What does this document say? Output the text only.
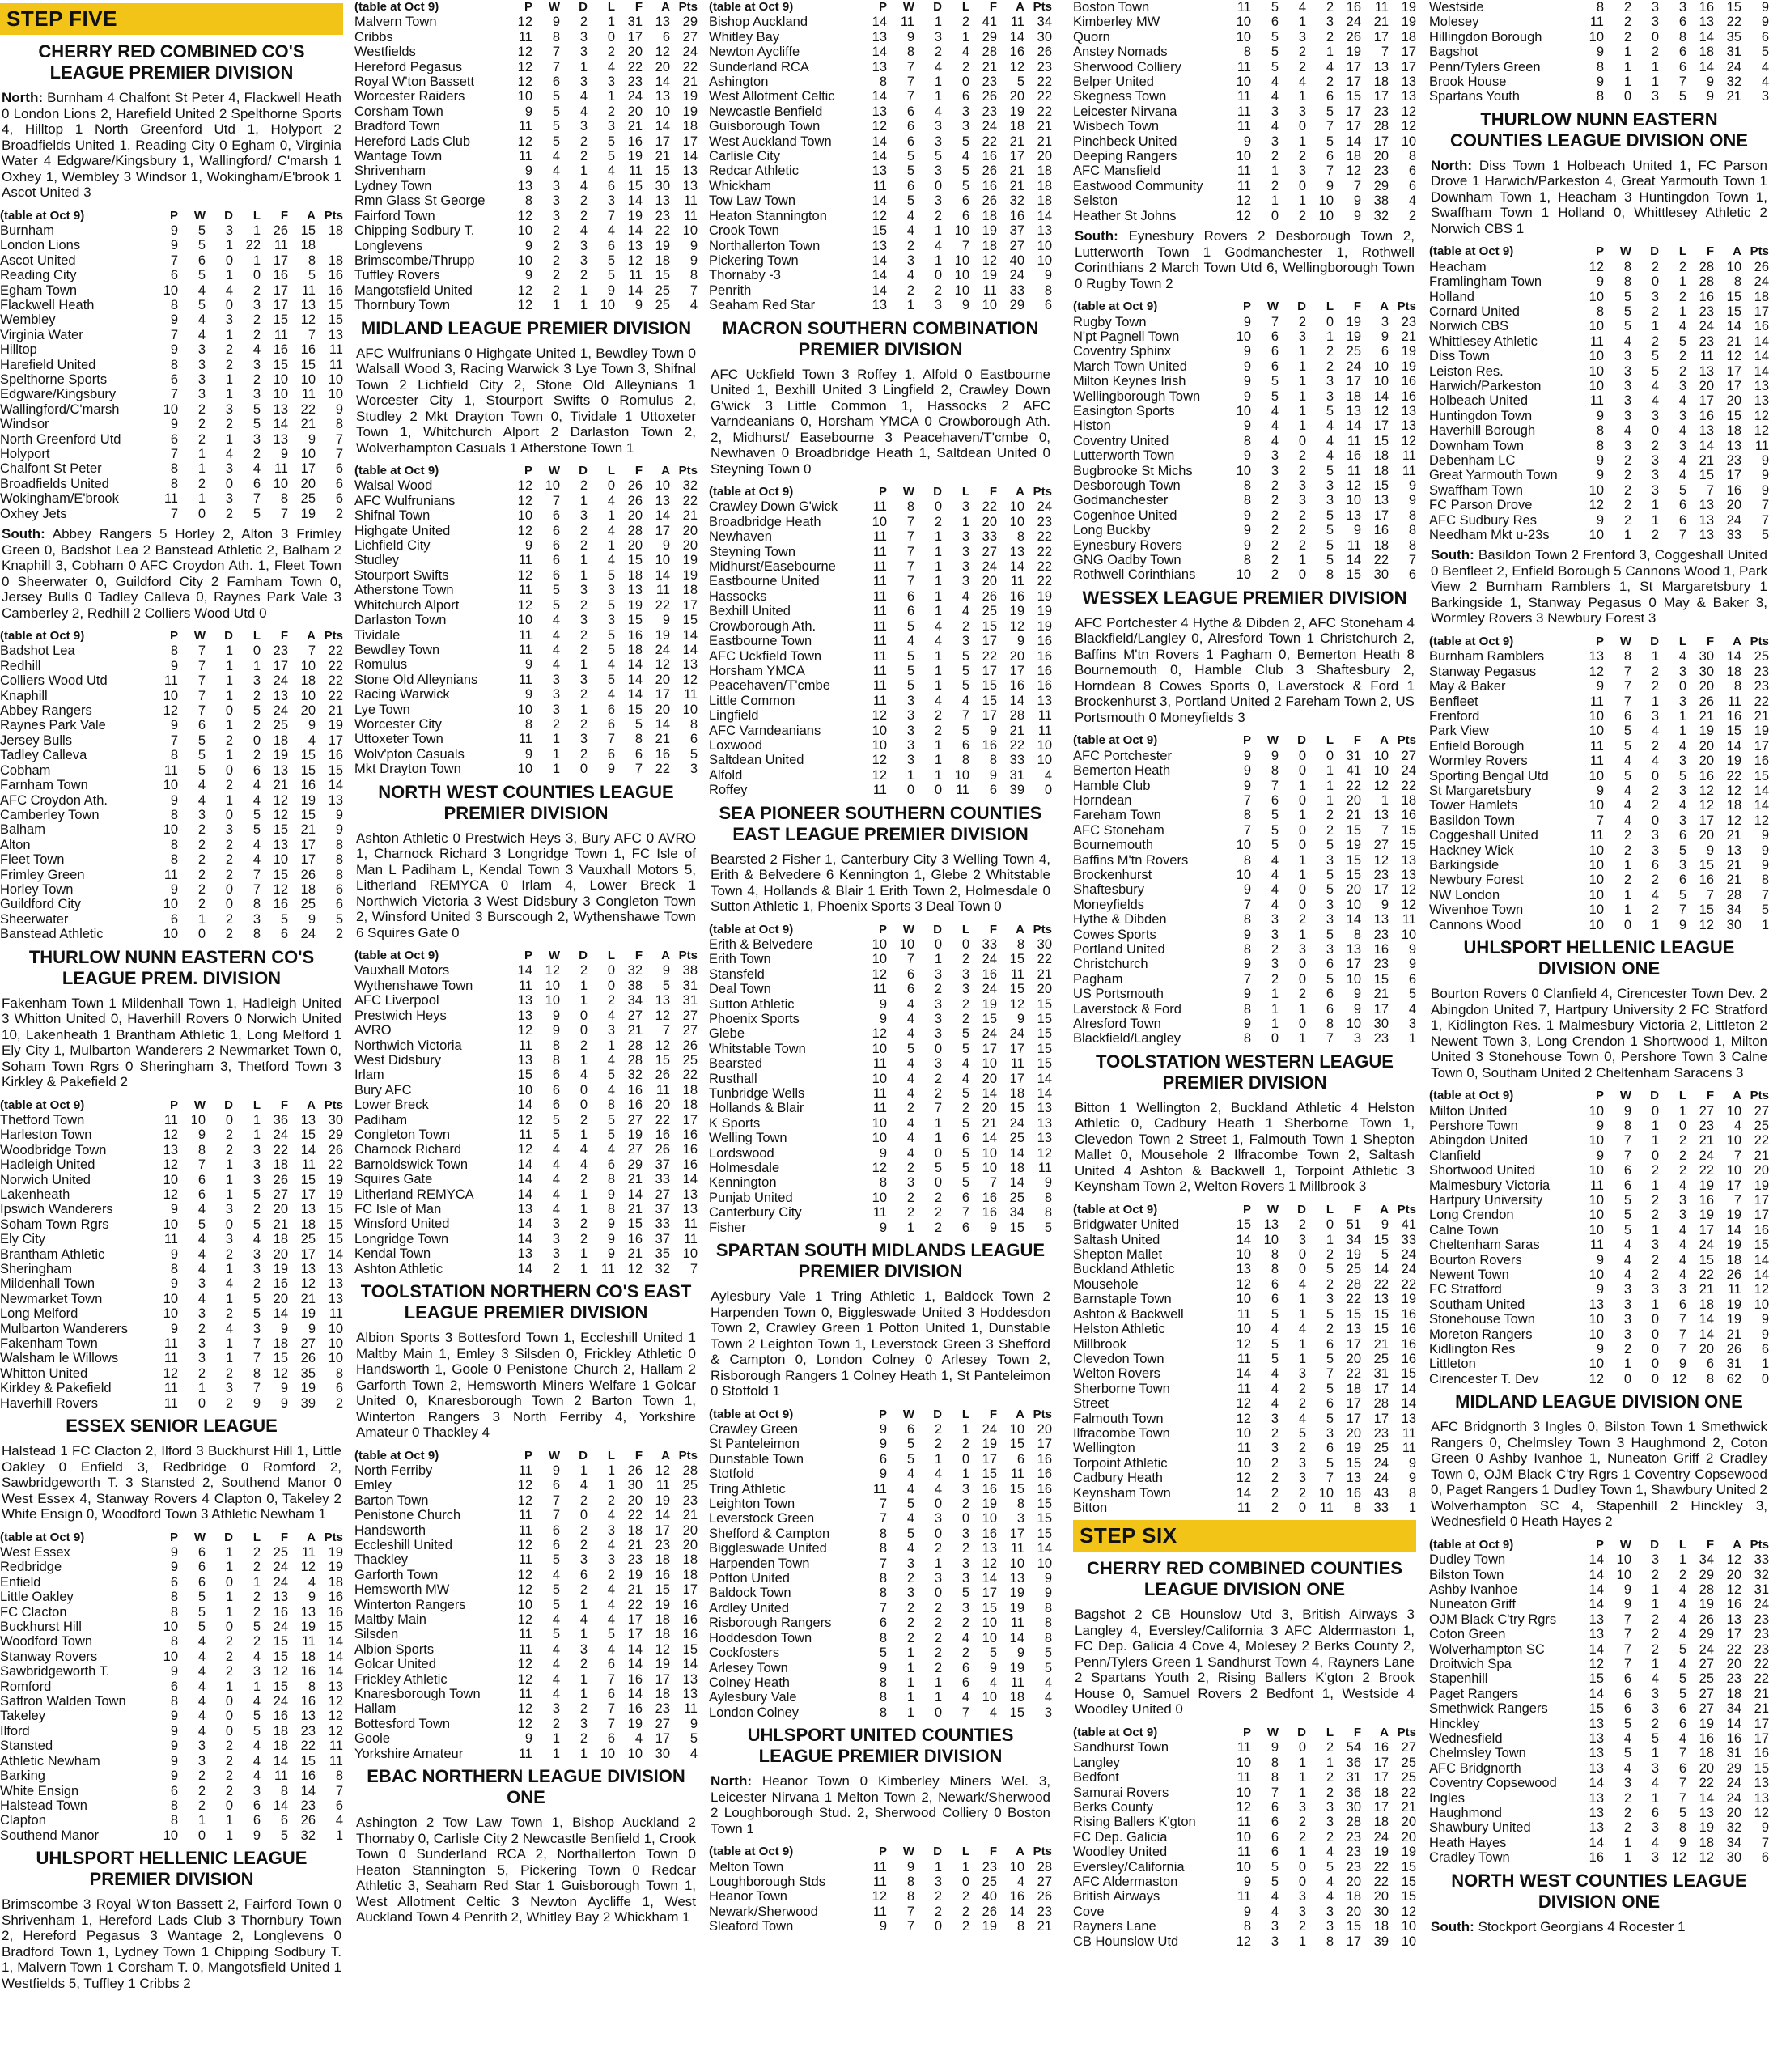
STEP FIVE
CHERRY RED COMBINED CO'S LEAGUE PREMIER DIVISION
North: Burnham 4 Chalfont St Peter 4, Flackwell Heath 0 London Lions 2, Harefield United 2 Spelthorne Sports 4, Hilltop 1 North Greenford Utd 1, Holyport 2 Broadfields United 1, Reading City 0 Egham 0, Virginia Water 4 Edgware/Kingsbury 1, Wallingford/ C'marsh 1 Oxhey 1, Wembley 3 Windsor 1, Wokingham/E'brook 1 Ascot United 3
(table at Oct 9)	P	W	D	L	F	A	Pts
Burnham	9	5	3	1	26	15	18
London Lions	9	5	1	22	11	18	
Ascot United	7	6	0	1	17	8	18
Reading City	6	5	1	0	16	5	16
Egham Town	10	4	4	2	17	11	16
Flackwell Heath	8	5	0	3	17	13	15
Wembley	9	4	3	2	15	12	15
Virginia Water	7	4	1	2	11	7	13
Hilltop	9	3	2	4	16	16	11
Harefield United	8	3	2	3	15	15	11
Spelthorne Sports	6	3	1	2	10	10	10
Edgware/Kingsbury	7	3	1	3	10	11	10
Wallingford/C'marsh	10	2	3	5	13	22	9
Windsor	9	2	2	5	14	21	8
North Greenford Utd	6	2	1	3	13	9	7
Holyport	7	1	4	2	9	10	7
Chalfont St Peter	8	1	3	4	11	17	6
Broadfields United	8	2	0	6	10	20	6
Wokingham/E'brook	11	1	3	7	8	25	6
Oxhey Jets	7	0	2	5	7	19	2
South: Abbey Rangers 5 Horley 2, Alton 3 Frimley Green 0, Badshot Lea 2 Banstead Athletic 2, Balham 2 Knaphill 3, Cobham 0 AFC Croydon Ath. 1, Fleet Town 0 Sheerwater 0, Guildford City 2 Farnham Town 0, Jersey Bulls 0 Tadley Calleva 0, Raynes Park Vale 3 Camberley 2, Redhill 2 Colliers Wood Utd 0
(table at Oct 9)	P	W	D	L	F	A	Pts
Badshot Lea	8	7	1	0	23	7	22
Redhill	9	7	1	1	17	10	22
Colliers Wood Utd	11	7	1	3	24	18	22
Knaphill	10	7	1	2	13	10	22
Abbey Rangers	12	7	0	5	24	20	21
Raynes Park Vale	9	6	1	2	25	9	19
Jersey Bulls	7	5	2	0	18	4	17
Tadley Calleva	8	5	1	2	19	15	16
Cobham	11	5	0	6	13	15	15
Farnham Town	10	4	2	4	21	16	14
AFC Croydon Ath.	9	4	1	4	12	19	13
Camberley Town	8	3	0	5	12	15	9
Balham	10	2	3	5	15	21	9
Alton	8	2	2	4	13	17	8
Fleet Town	8	2	2	4	10	17	8
Frimley Green	11	2	2	7	15	26	8
Horley Town	9	2	0	7	12	18	6
Guildford City	10	2	0	8	16	25	6
Sheerwater	6	1	2	3	5	9	5
Banstead Athletic	10	0	2	8	6	24	2
THURLOW NUNN EASTERN CO'S LEAGUE PREM. DIVISION
Fakenham Town 1 Mildenhall Town 1, Hadleigh United 3 Whitton United 0, Haverhill Rovers 0 Norwich United 10, Lakenheath 1 Brantham Athletic 1, Long Melford 1 Ely City 1, Mulbarton Wanderers 2 Newmarket Town 0, Soham Town Rgrs 0 Sheringham 3, Thetford Town 3 Kirkley & Pakefield 2
(table at Oct 9)	P	W	D	L	F	A	Pts
Thetford Town	11	10	0	1	36	13	30
Harleston Town	12	9	2	1	24	15	29
Woodbridge Town	13	8	2	3	22	14	26
Hadleigh United	12	7	1	3	18	11	22
Norwich United	10	6	1	3	26	15	19
Lakenheath	12	6	1	5	27	17	19
Ipswich Wanderers	9	4	3	2	20	13	15
Soham Town Rgrs	10	5	0	5	21	18	15
Ely City	11	4	3	4	18	25	15
Brantham Athletic	9	4	2	3	20	17	14
Sheringham	8	4	1	3	19	13	13
Mildenhall Town	9	3	4	2	16	12	13
Newmarket Town	10	4	1	5	20	21	13
Long Melford	10	3	2	5	14	19	11
Mulbarton Wanderers	9	2	4	3	9	9	10
Fakenham Town	11	3	1	7	18	27	10
Walsham le Willows	11	3	1	7	15	26	10
Whitton United	12	2	2	8	12	35	8
Kirkley & Pakefield	11	1	3	7	9	19	6
Haverhill Rovers	11	0	2	9	9	39	2
ESSEX SENIOR LEAGUE
Halstead 1 FC Clacton 2, Ilford 3 Buckhurst Hill 1, Little Oakley 0 Enfield 3, Redbridge 0 Romford 2, Sawbridgeworth T. 3 Stansted 2, Southend Manor 0 West Essex 4, Stanway Rovers 4 Clapton 0, Takeley 2 White Ensign 0, Woodford Town 3 Athletic Newham 1
(table at Oct 9)	P	W	D	L	F	A	Pts
West Essex	9	6	1	2	25	11	19
Redbridge	9	6	1	2	24	12	19
Enfield	6	6	0	1	24	4	18
Little Oakley	8	5	1	2	13	9	16
FC Clacton	8	5	1	2	16	13	16
Buckhurst Hill	10	5	0	5	24	19	15
Woodford Town	8	4	2	2	15	11	14
Stanway Rovers	10	4	2	4	15	18	14
Sawbridgeworth T.	9	4	2	3	12	16	14
Romford	6	4	1	1	15	8	13
Saffron Walden Town	8	4	0	4	24	16	12
Takeley	9	4	0	5	16	13	12
Ilford	9	4	0	5	18	23	12
Stansted	9	3	2	4	18	22	11
Athletic Newham	9	3	2	4	14	15	11
Barking	9	2	2	4	11	16	8
White Ensign	6	2	2	3	8	14	7
Halstead Town	8	2	0	6	14	23	6
Clapton	8	1	1	6	6	26	4
Southend Manor	10	0	1	9	5	32	1
UHLSPORT HELLENIC LEAGUE PREMIER DIVISION
Brimscombe 3 Royal W'ton Bassett 2, Fairford Town 0 Shrivenham 1, Hereford Lads Club 3 Thornbury Town 2, Hereford Pegasus 3 Wantage 2, Longlevens 0 Bradford Town 1, Lydney Town 1 Chipping Sodbury T. 1, Malvern Town 1 Corsham T. 0, Mangotsfield United 1 Westfields 5, Tuffley 1 Cribbs 2
(table at Oct 9)	P	W	D	L	F	A	Pts
Malvern Town	12	9	2	1	31	13	29
Cribbs	11	8	3	0	17	6	27
Westfields	12	7	3	2	20	12	24
Hereford Pegasus	12	7	1	4	22	20	22
Royal W'ton Bassett	12	6	3	3	23	14	21
Worcester Raiders	10	5	4	1	24	13	19
Corsham Town	9	5	4	2	20	10	19
Bradford Town	11	5	3	3	21	14	18
Hereford Lads Club	12	5	2	5	16	17	17
Wantage Town	11	4	2	5	19	21	14
Shrivenham	9	4	1	4	11	15	13
Lydney Town	13	3	4	6	15	30	13
Rmn Glass St George	8	3	2	3	14	13	11
Fairford Town	12	3	2	7	19	23	11
Chipping Sodbury T.	10	2	4	4	14	22	10
Longlevens	9	2	3	6	13	19	9
Brimscombe/Thrupp	10	2	3	5	12	18	9
Tuffley Rovers	9	2	2	5	11	15	8
Mangotsfield United	12	2	1	9	14	25	7
Thornbury Town	12	1	1	10	9	25	4
MIDLAND LEAGUE PREMIER DIVISION
AFC Wulfrunians 0 Highgate United 1, Bewdley Town 0 Walsall Wood 3, Racing Warwick 3 Lye Town 3, Shifnal Town 2 Lichfield City 2, Stone Old Alleynians 1 Worcester City 1, Stourport Swifts 0 Romulus 2, Studley 2 Mkt Drayton Town 0, Tividale 1 Uttoxeter Town 1, Whitchurch Alport 2 Darlaston Town 2, Wolverhampton Casuals 1 Atherstone Town 1
(table at Oct 9)	P	W	D	L	F	A	Pts
Walsal Wood	12	10	2	0	26	10	32
AFC Wulfrunians	12	7	1	4	26	13	22
Shifnal Town	10	6	3	1	20	14	21
Highgate United	12	6	2	4	28	17	20
Lichfield City	9	6	2	1	20	9	20
Studley	11	6	1	4	15	10	19
Stourport Swifts	12	6	1	5	18	14	19
Atherstone Town	11	5	3	3	13	11	18
Whitchurch Alport	12	5	2	5	19	22	17
Darlaston Town	10	4	3	3	15	9	15
Tividale	11	4	2	5	16	19	14
Bewdley Town	11	4	2	5	18	24	14
Romulus	9	4	1	4	14	12	13
Stone Old Alleynians	11	3	3	5	14	20	12
Racing Warwick	9	3	2	4	14	17	11
Lye Town	10	3	1	6	15	20	10
Worcester City	8	2	2	6	5	14	8
Uttoxeter Town	11	1	3	7	8	21	6
Wolv'pton Casuals	9	1	2	6	6	16	5
Mkt Drayton Town	10	1	0	9	7	22	3
NORTH WEST COUNTIES LEAGUE PREMIER DIVISION
Ashton Athletic 0 Prestwich Heys 3, Bury AFC 0 AVRO 1, Charnock Richard 3 Longridge Town 1, FC Isle of Man L Padiham L, Kendal Town 3 Vauxhall Motors 5, Litherland REMYCA 0 Irlam 4, Lower Breck 1 Northwich Victoria 3 West Didsbury 3 Congleton Town 2, Winsford United 3 Burscough 2, Wythenshawe Town 6 Squires Gate 0
(table at Oct 9)	P	W	D	L	F	A	Pts
Vauxhall Motors	14	12	2	0	32	9	38
Wythenshawe Town	11	10	1	0	38	5	31
AFC Liverpool	13	10	1	2	34	13	31
Prestwich Heys	13	9	0	4	27	12	27
AVRO	12	9	0	3	21	7	27
Northwich Victoria	11	8	2	1	28	12	26
West Didsbury	13	8	1	4	28	15	25
Irlam	15	6	4	5	32	26	22
Bury AFC	10	6	0	4	16	11	18
Lower Breck	14	6	0	8	16	20	18
Padiham	12	5	2	5	27	22	17
Congleton Town	11	5	1	5	19	16	16
Charnock Richard	12	4	4	4	27	26	16
Barnoldswick Town	14	4	4	6	29	37	16
Squires Gate	14	4	2	8	21	33	14
Litherland REMYCA	14	4	1	9	14	27	13
FC Isle of Man	13	4	1	8	21	37	13
Winsford United	14	3	2	9	15	33	11
Longridge Town	14	3	2	9	16	37	11
Kendal Town	13	3	1	9	21	35	10
Ashton Athletic	14	2	1	11	12	32	7
TOOLSTATION NORTHERN CO'S EAST LEAGUE PREMIER DIVISION
Albion Sports 3 Bottesford Town 1, Eccleshill United 1 Maltby Main 1, Emley 3 Silsden 0, Frickley Athletic 0 Handsworth 1, Goole 0 Penistone Church 2, Hallam 2 Garforth Town 2, Hemsworth Miners Welfare 1 Golcar United 0, Knaresborough Town 2 Barton Town 1, Winterton Rangers 3 North Ferriby 4, Yorkshire Amateur 0 Thackley 4
(table at Oct 9)	P	W	D	L	F	A	Pts
North Ferriby	11	9	1	1	26	12	28
Emley	12	6	4	1	30	11	25
Barton Town	12	7	2	2	20	19	23
Penistone Church	11	7	0	4	22	14	21
Handsworth	11	6	2	3	18	17	20
Eccleshill United	12	6	2	4	21	23	20
Thackley	11	5	3	3	23	18	18
Garforth Town	12	4	6	2	19	16	18
Hemsworth MW	12	5	2	4	21	15	17
Winterton Rangers	10	5	1	4	22	19	16
Maltby Main	12	4	4	4	17	18	16
Silsden	11	5	1	5	17	18	16
Albion Sports	11	4	3	4	14	12	15
Golcar United	12	4	2	6	14	19	14
Frickley Athletic	12	4	1	7	16	17	13
Knaresborough Town	11	4	1	6	14	18	13
Hallam	12	3	2	7	16	23	11
Bottesford Town	12	2	3	7	19	27	9
Goole	9	1	2	6	4	17	5
Yorkshire Amateur	11	1	1	10	10	30	4
EBAC NORTHERN LEAGUE DIVISION ONE
Ashington 2 Tow Law Town 1, Bishop Auckland 2 Thornaby 0, Carlisle City 2 Newcastle Benfield 1, Crook Town 0 Sunderland RCA 2, Northallerton Town 0 Heaton Stannington 5, Pickering Town 0 Redcar Athletic 3, Seaham Red Star 1 Guisborough Town 1, West Allotment Celtic 3 Newton Aycliffe 1, West Auckland Town 4 Penrith 2, Whitley Bay 2 Whickham 1
(table at Oct 9)	P	W	D	L	F	A	Pts
Bishop Auckland	14	11	1	2	41	11	34
Whitley Bay	13	9	3	1	29	14	30
Newton Aycliffe	14	8	2	4	28	16	26
Sunderland RCA	13	7	4	2	21	12	23
Ashington	8	7	1	0	23	5	22
West Allotment Celtic	14	7	1	6	26	20	22
Newcastle Benfield	13	6	4	3	23	19	22
Guisborough Town	12	6	3	3	24	18	21
West Auckland Town	14	6	3	5	22	21	21
Carlisle City	14	5	5	4	16	17	20
Redcar Athletic	13	5	3	5	26	21	18
Whickham	11	6	0	5	16	21	18
Tow Law Town	14	5	3	6	26	32	18
Heaton Stannington	12	4	2	6	18	16	14
Crook Town	15	4	1	10	19	37	13
Northallerton Town	13	2	4	7	18	27	10
Pickering Town	14	3	1	10	12	40	10
Thornaby -3	14	4	0	10	19	24	9
Penrith	14	2	2	10	11	33	8
Seaham Red Star	13	1	3	9	10	29	6
MACRON SOUTHERN COMBINATION PREMIER DIVISION
AFC Uckfield Town 3 Roffey 1, Alfold 0 Eastbourne United 1, Bexhill United 3 Lingfield 2, Crawley Down G'wick 3 Little Common 1, Hassocks 2 AFC Varndeanians 0, Horsham YMCA 0 Crowborough Ath. 2, Midhurst/ Easebourne 3 Peacehaven/T'cmbe 0, Newhaven 0 Broadbridge Heath 1, Saltdean United 0 Steyning Town 0
(table at Oct 9)	P	W	D	L	F	A	Pts
Crawley Down G'wick	11	8	0	3	22	10	24
Broadbridge Heath	10	7	2	1	20	10	23
Newhaven	11	7	1	3	33	8	22
Steyning Town	11	7	1	3	27	13	22
Midhurst/Easebourne	11	7	1	3	24	14	22
Eastbourne United	11	7	1	3	20	11	22
Hassocks	11	6	1	4	26	16	19
Bexhill United	11	6	1	4	25	19	19
Crowborough Ath.	11	5	4	2	15	12	19
Eastbourne Town	11	4	4	3	17	9	16
AFC Uckfield Town	11	5	1	5	22	20	16
Horsham YMCA	11	5	1	5	17	17	16
Peacehaven/T'cmbe	11	5	1	5	15	16	16
Little Common	11	3	4	4	15	14	13
Lingfield	12	3	2	7	17	28	11
AFC Varndeanians	10	3	2	5	9	21	11
Loxwood	10	3	1	6	16	22	10
Saltdean United	12	3	1	8	8	33	10
Alfold	12	1	1	10	9	31	4
Roffey	11	0	0	11	6	39	0
SEA PIONEER SOUTHERN COUNTIES EAST LEAGUE PREMIER DIVISION
Bearsted 2 Fisher 1, Canterbury City 3 Welling Town 4, Erith & Belvedere 6 Kennington 1, Glebe 2 Whitstable Town 4, Hollands & Blair 1 Erith Town 2, Holmesdale 0 Sutton Athletic 1, Phoenix Sports 3 Deal Town 0
(table at Oct 9)	P	W	D	L	F	A	Pts
Erith & Belvedere	10	10	0	0	33	8	30
Erith Town	10	7	1	2	24	15	22
Stansfeld	12	6	3	3	16	11	21
Deal Town	11	6	2	3	24	15	20
Sutton Athletic	9	4	3	2	19	12	15
Phoenix Sports	9	4	3	2	15	9	15
Glebe	12	4	3	5	24	24	15
Whitstable Town	10	5	0	5	17	17	15
Bearsted	11	4	3	4	10	11	15
Rusthall	10	4	2	4	20	17	14
Tunbridge Wells	11	4	2	5	14	18	14
Hollands & Blair	11	2	7	2	20	15	13
K Sports	10	4	1	5	21	24	13
Welling Town	10	4	1	6	14	25	13
Lordswood	9	4	0	5	10	14	12
Holmesdale	12	2	5	5	10	18	11
Kennington	8	3	0	5	7	14	9
Punjab United	10	2	2	6	16	25	8
Canterbury City	11	2	2	7	16	34	8
Fisher	9	1	2	6	9	15	5
SPARTAN SOUTH MIDLANDS LEAGUE PREMIER DIVISION
Aylesbury Vale 1 Tring Athletic 1, Baldock Town 2 Harpenden Town 0, Biggleswade United 3 Hoddesdon Town 2, Crawley Green 1 Potton United 1, Dunstable Town 2 Leighton Town 1, Leverstock Green 3 Shefford & Campton 0, London Colney 0 Arlesey Town 2, Risborough Rangers 1 Colney Heath 1, St Panteleimon 0 Stotfold 1
(table at Oct 9)	P	W	D	L	F	A	Pts
Crawley Green	9	6	2	1	24	10	20
St Panteleimon	9	5	2	2	19	15	17
Dunstable Town	6	5	1	0	17	6	16
Stotfold	9	4	4	1	15	11	16
Tring Athletic	11	4	4	3	16	15	16
Leighton Town	7	5	0	2	19	8	15
Leverstock Green	7	4	3	0	10	3	15
Shefford & Campton	8	5	0	3	16	17	15
Biggleswade United	8	4	2	2	13	11	14
Harpenden Town	7	3	1	3	12	10	10
Potton United	8	2	3	3	14	13	9
Baldock Town	8	3	0	5	17	19	9
Ardley United	7	2	2	3	15	19	8
Risborough Rangers	6	2	2	2	10	11	8
Hoddesdon Town	8	2	2	4	10	14	8
Cockfosters	5	1	2	2	5	9	5
Arlesey Town	9	1	2	6	9	19	5
Colney Heath	8	1	1	6	4	11	4
Aylesbury Vale	8	1	1	4	10	18	4
London Colney	8	1	0	7	4	15	3
UHLSPORT UNITED COUNTIES LEAGUE PREMIER DIVISION
North: Heanor Town 0 Kimberley Miners Wel. 3, Leicester Nirvana 1 Melton Town 2, Newark/Sherwood 2 Loughborough Stud. 2, Sherwood Colliery 0 Boston Town 1
(table at Oct 9)	P	W	D	L	F	A	Pts
Melton Town	11	9	1	1	23	10	28
Loughborough Stds	11	8	3	0	25	4	27
Heanor Town	12	8	2	2	40	16	26
Newark/Sherwood	11	7	2	2	26	14	23
Sleaford Town	9	7	0	2	19	8	21
Boston Town	11	5	4	2	16	11	19
Kimberley MW	10	6	1	3	24	21	19
Quorn	10	5	3	2	26	17	18
Anstey Nomads	8	5	2	1	19	7	17
Sherwood Colliery	11	5	2	4	17	13	17
Belper United	10	4	4	2	17	18	13
Skegness Town	11	4	1	6	15	17	13
Leicester Nirvana	11	3	3	5	17	23	12
Wisbech Town	11	4	0	7	17	28	12
Pinchbeck United	9	3	1	5	14	17	10
Deeping Rangers	10	2	2	6	18	20	8
AFC Mansfield	11	1	3	7	12	23	6
Eastwood Community	11	2	0	9	7	29	6
Selston	12	1	1	10	9	38	4
Heather St Johns	12	0	2	10	9	32	2
South: Eynesbury Rovers 2 Desborough Town 2, Lutterworth Town 1 Godmanchester 1, Rothwell Corinthians 2 March Town Utd 6, Wellingborough Town 0 Rugby Town 2
(table at Oct 9)	P	W	D	L	F	A	Pts
Rugby Town	9	7	2	0	19	3	23
N'pt Pagnell Town	10	6	3	1	19	9	21
Coventry Sphinx	9	6	1	2	25	6	19
March Town United	9	6	1	2	24	10	19
Milton Keynes Irish	9	5	1	3	17	10	16
Wellingborough Town	9	5	1	3	18	14	16
Easington Sports	10	4	1	5	13	12	13
Histon	9	4	1	4	14	17	13
Coventry United	8	4	0	4	11	15	12
Lutterworth Town	9	3	2	4	16	18	11
Bugbrooke St Michs	10	3	2	5	11	18	11
Desborough Town	8	2	3	3	12	15	9
Godmanchester	8	2	3	3	10	13	9
Cogenhoe United	9	2	2	5	13	17	8
Long Buckby	9	2	2	5	9	16	8
Eynesbury Rovers	9	2	2	5	11	18	8
GNG Oadby Town	8	2	1	5	14	22	7
Rothwell Corinthians	10	2	0	8	15	30	6
WESSEX LEAGUE PREMIER DIVISION
AFC Portchester 4 Hythe & Dibden 2, AFC Stoneham 4 Blackfield/Langley 0, Alresford Town 1 Christchurch 2, Baffins M'tn Rovers 1 Pagham 0, Bemerton Heath 8 Bournemouth 0, Hamble Club 3 Shaftesbury 2, Horndean 8 Cowes Sports 0, Laverstock & Ford 1 Brockenhurst 3, Portland United 2 Fareham Town 2, US Portsmouth 0 Moneyfields 3
(table at Oct 9)	P	W	D	L	F	A	Pts
AFC Portchester	9	9	0	0	31	10	27
Bemerton Heath	9	8	0	1	41	10	24
Hamble Club	9	7	1	1	22	12	22
Horndean	7	6	0	1	20	1	18
Fareham Town	8	5	1	2	21	13	16
AFC Stoneham	7	5	0	2	15	7	15
Bournemouth	10	5	0	5	19	27	15
Baffins M'tn Rovers	8	4	1	3	15	12	13
Brockenhurst	10	4	1	5	15	23	13
Shaftesbury	9	4	0	5	20	17	12
Moneyfields	7	4	0	3	10	9	12
Hythe & Dibden	8	3	2	3	14	13	11
Cowes Sports	9	3	1	5	8	23	10
Portland United	8	2	3	3	13	16	9
Christchurch	9	3	0	6	17	23	9
Pagham	7	2	0	5	10	15	6
US Portsmouth	9	1	2	6	9	21	5
Laverstock & Ford	8	1	1	6	9	17	4
Alresford Town	9	1	0	8	10	30	3
Blackfield/Langley	8	0	1	7	3	23	1
TOOLSTATION WESTERN LEAGUE PREMIER DIVISION
Bitton 1 Wellington 2, Buckland Athletic 4 Helston Athletic 0, Cadbury Heath 1 Sherborne Town 1, Clevedon Town 2 Street 1, Falmouth Town 1 Shepton Mallet 0, Mousehole 2 Ilfracombe Town 2, Saltash United 4 Ashton & Backwell 1, Torpoint Athletic 3 Keynsham Town 2, Welton Rovers 1 Millbrook 3
(table at Oct 9)	P	W	D	L	F	A	Pts
Bridgwater United	15	13	2	0	51	9	41
Saltash United	14	10	3	1	34	15	33
Shepton Mallet	10	8	0	2	19	5	24
Buckland Athletic	13	8	0	5	25	14	24
Mousehole	12	6	4	2	28	22	22
Barnstaple Town	10	6	1	3	22	13	19
Ashton & Backwell	11	5	1	5	15	15	16
Helston Athletic	10	4	4	2	13	15	16
Millbrook	12	5	1	6	17	21	16
Clevedon Town	11	5	1	5	20	25	16
Welton Rovers	14	4	3	7	22	31	15
Sherborne Town	11	4	2	5	18	17	14
Street	12	4	2	6	17	28	14
Falmouth Town	12	3	4	5	17	17	13
Ilfracombe Town	10	2	5	3	20	23	11
Wellington	11	3	2	6	19	25	11
Torpoint Athletic	10	2	3	5	15	24	9
Cadbury Heath	12	2	3	7	13	24	9
Keynsham Town	14	2	2	10	16	43	8
Bitton	11	2	0	11	8	33	1
STEP SIX
CHERRY RED COMBINED COUNTIES LEAGUE DIVISION ONE
Bagshot 2 CB Hounslow Utd 3, British Airways 3 Langley 4, Eversley/California 3 AFC Aldermaston 1, FC Dep. Galicia 4 Cove 4, Molesey 2 Berks County 2, Penn/Tylers Green 1 Sandhurst Town 4, Rayners Lane 2 Spartans Youth 2, Rising Ballers K'gton 2 Brook House 0, Samuel Rovers 2 Bedfont 1, Westside 4 Woodley United 0
(table at Oct 9)	P	W	D	L	F	A	Pts
Sandhurst Town	11	9	0	2	54	16	27
Langley	10	8	1	1	36	17	25
Bedfont	11	8	1	2	31	17	25
Samurai Rovers	10	7	1	2	36	18	22
Berks County	12	6	3	3	30	17	21
Rising Ballers K'gton	11	6	2	3	28	18	20
FC Dep. Galicia	10	6	2	2	23	24	20
Woodley United	11	6	1	4	23	19	19
Eversley/California	10	5	0	5	23	22	15
AFC Aldermaston	9	5	0	4	20	22	15
British Airways	11	4	3	4	18	20	15
Cove	9	4	3	3	20	30	12
Rayners Lane	8	3	2	3	15	18	10
CB Hounslow Utd	12	3	1	8	17	39	10
Westside	8	2	3	3	16	15	9
Molesey	11	2	3	6	13	22	9
Hillingdon Borough	10	2	0	8	14	35	6
Bagshot	9	1	2	6	18	31	5
Penn/Tylers Green	8	1	1	6	14	24	4
Brook House	9	1	1	7	9	32	4
Spartans Youth	8	0	3	5	9	21	3
THURLOW NUNN EASTERN COUNTIES LEAGUE DIVISION ONE
North: Diss Town 1 Holbeach United 1, FC Parson Drove 1 Harwich/Parkeston 4, Great Yarmouth Town 1 Downham Town 1, Heacham 3 Huntingdon Town 1, Swaffham Town 1 Holland 0, Whittlesey Athletic 2 Norwich CBS 1
(table at Oct 9)	P	W	D	L	F	A	Pts
Heacham	12	8	2	2	28	10	26
Framlingham Town	9	8	0	1	28	8	24
Holland	10	5	3	2	16	15	18
Cornard United	8	5	2	1	23	15	17
Norwich CBS	10	5	1	4	24	14	16
Whittlesey Athletic	11	4	2	5	23	21	14
Diss Town	10	3	5	2	11	12	14
Leiston Res.	10	3	5	2	13	17	14
Harwich/Parkeston	10	3	4	3	20	17	13
Holbeach United	11	3	4	4	17	20	13
Huntingdon Town	9	3	3	3	16	15	12
Haverhill Borough	8	4	0	4	13	18	12
Downham Town	8	3	2	3	14	13	11
Debenham LC	9	2	3	4	21	23	9
Great Yarmouth Town	9	2	3	4	15	17	9
Swaffham Town	10	2	3	5	7	16	9
FC Parson Drove	12	2	1	6	13	20	7
AFC Sudbury Res	9	2	1	6	13	24	7
Needham Mkt u-23s	10	1	2	7	13	33	5
South: Basildon Town 2 Frenford 3, Coggeshall United 0 Benfleet 2, Enfield Borough 5 Cannons Wood 1, Park View 2 Burnham Ramblers 1, St Margaretsbury 1 Barkingside 1, Stanway Pegasus 0 May & Baker 3, Wormley Rovers 3 Newbury Forest 3
(table at Oct 9)	P	W	D	L	F	A	Pts
Burnham Ramblers	13	8	1	4	30	14	25
Stanway Pegasus	12	7	2	3	30	18	23
May & Baker	9	7	2	0	20	8	23
Benfleet	11	7	1	3	26	11	22
Frenford	10	6	3	1	21	16	21
Park View	10	5	4	1	19	15	19
Enfield Borough	11	5	2	4	20	14	17
Wormley Rovers	11	4	4	3	20	19	16
Sporting Bengal Utd	10	5	0	5	16	22	15
St Margaretsbury	9	4	2	3	12	12	14
Tower Hamlets	10	4	2	4	12	18	14
Basildon Town	7	4	0	3	17	12	12
Coggeshall United	11	2	3	6	20	21	9
Hackney Wick	10	2	3	5	9	13	9
Barkingside	10	1	6	3	15	21	9
Newbury Forest	10	2	2	6	16	21	8
NW London	10	1	4	5	7	28	7
Wivenhoe Town	10	1	2	7	15	34	5
Cannons Wood	10	0	1	9	12	30	1
UHLSPORT HELLENIC LEAGUE DIVISION ONE
Bourton Rovers 0 Clanfield 4, Cirencester Town Dev. 2 Abingdon United 7, Hartpury University 2 FC Stratford 1, Kidlington Res. 1 Malmesbury Victoria 2, Littleton 2 Newent Town 3, Long Crendon 1 Shortwood 1, Milton United 3 Stonehouse Town 0, Pershore Town 3 Calne Town 0, Southam United 2 Cheltenham Saracens 3
(table at Oct 9)	P	W	D	L	F	A	Pts
Milton United	10	9	0	1	27	10	27
Pershore Town	9	8	1	0	23	4	25
Abingdon United	10	7	1	2	21	10	22
Clanfield	9	7	0	2	24	7	21
Shortwood United	10	6	2	2	22	10	20
Malmesbury Victoria	11	6	1	4	19	17	19
Hartpury University	10	5	2	3	16	7	17
Long Crendon	10	5	2	3	19	19	17
Calne Town	10	5	1	4	17	14	16
Cheltenham Saras	11	4	3	4	24	19	15
Bourton Rovers	9	4	2	4	15	18	14
Newent Town	10	4	2	4	22	26	14
FC Stratford	9	3	3	3	21	11	12
Southam United	13	3	1	6	18	19	10
Stonehouse Town	10	3	0	7	14	19	9
Moreton Rangers	10	3	0	7	14	21	9
Kidlington Res	9	2	0	7	20	26	6
Littleton	10	1	0	9	6	31	1
Cirencester T. Dev	12	0	0	12	8	62	0
MIDLAND LEAGUE DIVISION ONE
AFC Bridgnorth 3 Ingles 0, Bilston Town 1 Smethwick Rangers 0, Chelmsley Town 3 Haughmond 2, Coton Green 0 Ashby Ivanhoe 1, Nuneaton Griff 2 Cradley Town 0, OJM Black C'try Rgrs 1 Coventry Copsewood 0, Paget Rangers 1 Dudley Town 1, Shawbury United 2 Wolverhampton SC 4, Stapenhill 2 Hinckley 3, Wednesfield 0 Heath Hayes 2
(table at Oct 9)	P	W	D	L	F	A	Pts
Dudley Town	14	10	3	1	34	12	33
Bilston Town	14	10	2	2	29	20	32
Ashby Ivanhoe	14	9	1	4	28	12	31
Nuneaton Griff	14	9	1	4	19	16	24
OJM Black C'try Rgrs	13	7	2	4	26	13	23
Coton Green	13	7	2	4	29	17	23
Wolverhampton SC	14	7	2	5	24	22	23
Droitwich Spa	12	7	1	4	27	20	22
Stapenhill	15	6	4	5	25	23	22
Paget Rangers	14	6	3	5	27	18	21
Smethwick Rangers	15	6	3	6	27	34	21
Hinckley	13	5	2	6	19	14	17
Wednesfield	13	4	5	4	16	16	17
Chelmsley Town	13	5	1	7	18	31	16
AFC Bridgnorth	13	4	3	6	20	29	15
Coventry Copsewood	14	3	4	7	22	24	13
Ingles	13	2	1	7	14	24	13
Haughmond	13	2	6	5	13	20	12
Shawbury United	13	2	3	8	19	32	9
Heath Hayes	14	1	4	9	18	34	7
Cradley Town	16	1	3	12	12	30	6
NORTH WEST COUNTIES LEAGUE DIVISION ONE
South: Stockport Georgians 4 Rocester 1
